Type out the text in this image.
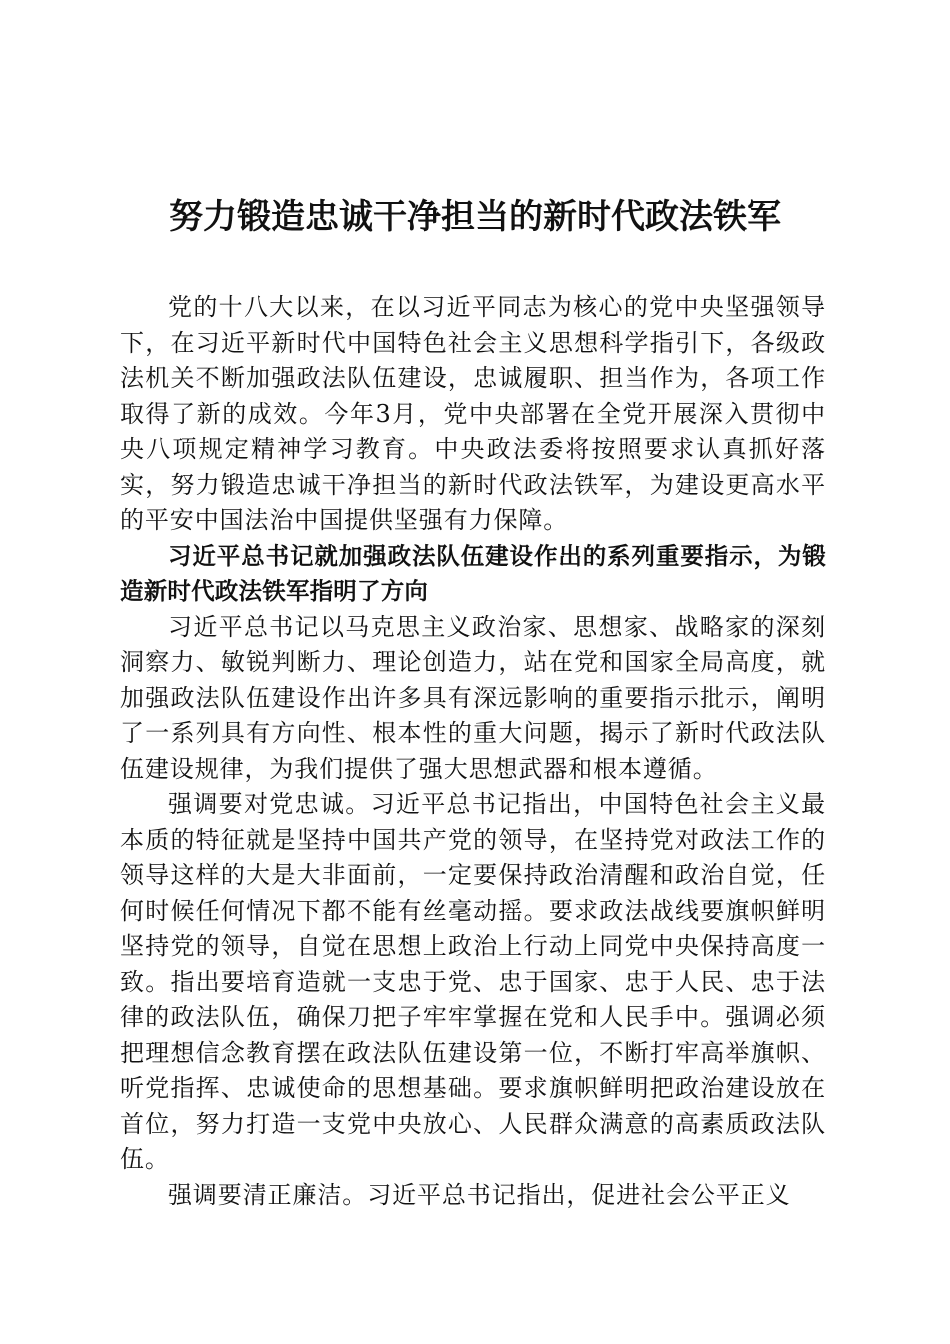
努力锻造忠诚干净担当的新时代政法铁军

党的十八大以来，在以习近平同志为核心的党中央坚强领导下，在习近平新时代中国特色社会主义思想科学指引下，各级政法机关不断加强政法队伍建设，忠诚履职、担当作为，各项工作取得了新的成效。今年3月，党中央部署在全党开展深入贯彻中央八项规定精神学习教育。中央政法委将按照要求认真抓好落实，努力锻造忠诚干净担当的新时代政法铁军，为建设更高水平的平安中国法治中国提供坚强有力保障。

习近平总书记就加强政法队伍建设作出的系列重要指示，为锻造新时代政法铁军指明了方向

习近平总书记以马克思主义政治家、思想家、战略家的深刻洞察力、敏锐判断力、理论创造力，站在党和国家全局高度，就加强政法队伍建设作出许多具有深远影响的重要指示批示，阐明了一系列具有方向性、根本性的重大问题，揭示了新时代政法队伍建设规律，为我们提供了强大思想武器和根本遵循。

强调要对党忠诚。习近平总书记指出，中国特色社会主义最本质的特征就是坚持中国共产党的领导，在坚持党对政法工作的领导这样的大是大非面前，一定要保持政治清醒和政治自觉，任何时候任何情况下都不能有丝毫动摇。要求政法战线要旗帜鲜明坚持党的领导，自觉在思想上政治上行动上同党中央保持高度一致。指出要培育造就一支忠于党、忠于国家、忠于人民、忠于法律的政法队伍，确保刀把子牢牢掌握在党和人民手中。强调必须把理想信念教育摆在政法队伍建设第一位，不断打牢高举旗帜、听党指挥、忠诚使命的思想基础。要求旗帜鲜明把政治建设放在首位，努力打造一支党中央放心、人民群众满意的高素质政法队伍。

强调要清正廉洁。习近平总书记指出，促进社会公平正义
